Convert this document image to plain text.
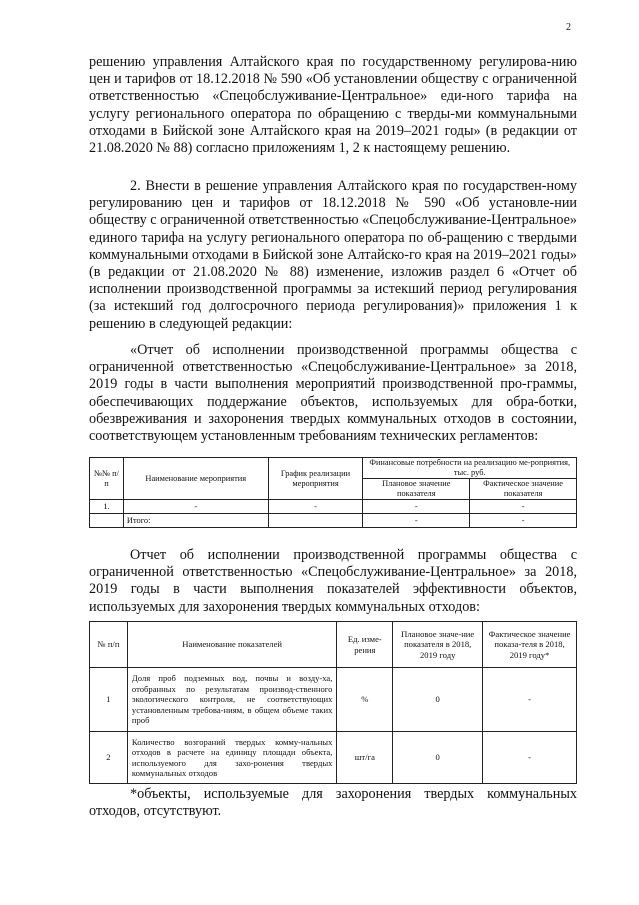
2

решению управления Алтайского края по государственному регулирова-нию цен и тарифов от 18.12.2018 № 590 «Об установлении обществу с ограниченной ответственностью «Спецобслуживание-Центральное» еди-ного тарифа на услугу регионального оператора по обращению с тверды-ми коммунальными отходами в Бийской зоне Алтайского края на 2019–2021 годы» (в редакции от 21.08.2020 № 88) согласно приложениям 1, 2 к настоящему решению.

2. Внести в решение управления Алтайского края по государствен-ному регулированию цен и тарифов от 18.12.2018 № 590 «Об установле-нии обществу с ограниченной ответственностью «Спецобслуживание-Центральное» единого тарифа на услугу регионального оператора по об-ращению с твердыми коммунальными отходами в Бийской зоне Алтайско-го края на 2019–2021 годы» (в редакции от 21.08.2020 № 88) изменение, изложив раздел 6 «Отчет об исполнении производственной программы за истекший период регулирования (за истекший год долгосрочного периода регулирования)» приложения 1 к решению в следующей редакции:

«Отчет об исполнении производственной программы общества с ограниченной ответственностью «Спецобслуживание-Центральное» за 2018, 2019 годы в части выполнения мероприятий производственной про-граммы, обеспечивающих поддержание объектов, используемых для обра-ботки, обезвреживания и захоронения твердых коммунальных отходов в состоянии, соответствующем установленным требованиям технических регламентов:

№№ п/п	Наименование мероприятия	График реализации мероприятия	Финансовые потребности на реализацию ме-роприятия, тыс. руб.	
			Плановое значение показателя	Фактическое значение показателя
1.	-	-	-	-
	Итого:		-	-

Отчет об исполнении производственной программы общества с ограниченной ответственностью «Спецобслуживание-Центральное» за 2018, 2019 годы в части выполнения показателей эффективности объектов, используемых для захоронения твердых коммунальных отходов:

№ п/п	Наименование показателей	Ед. изме-рения	Плановое значе-ние показателя в 2018, 2019 году	Фактическое значение показа-теля в 2018, 2019 году*
1	Доля проб подземных вод, почвы и возду-ха, отобранных по результатам производ-ственного экологического контроля, не соответствующих установленным требова-ниям, в общем объеме таких проб	%	0	-
2	Количество возгораний твердых комму-нальных отходов в расчете на единицу площади объекта, используемого для захо-ронения твердых коммунальных отходов	шт/га	0	-

*объекты, используемые для захоронения твердых коммунальных отходов, отсутствуют.
